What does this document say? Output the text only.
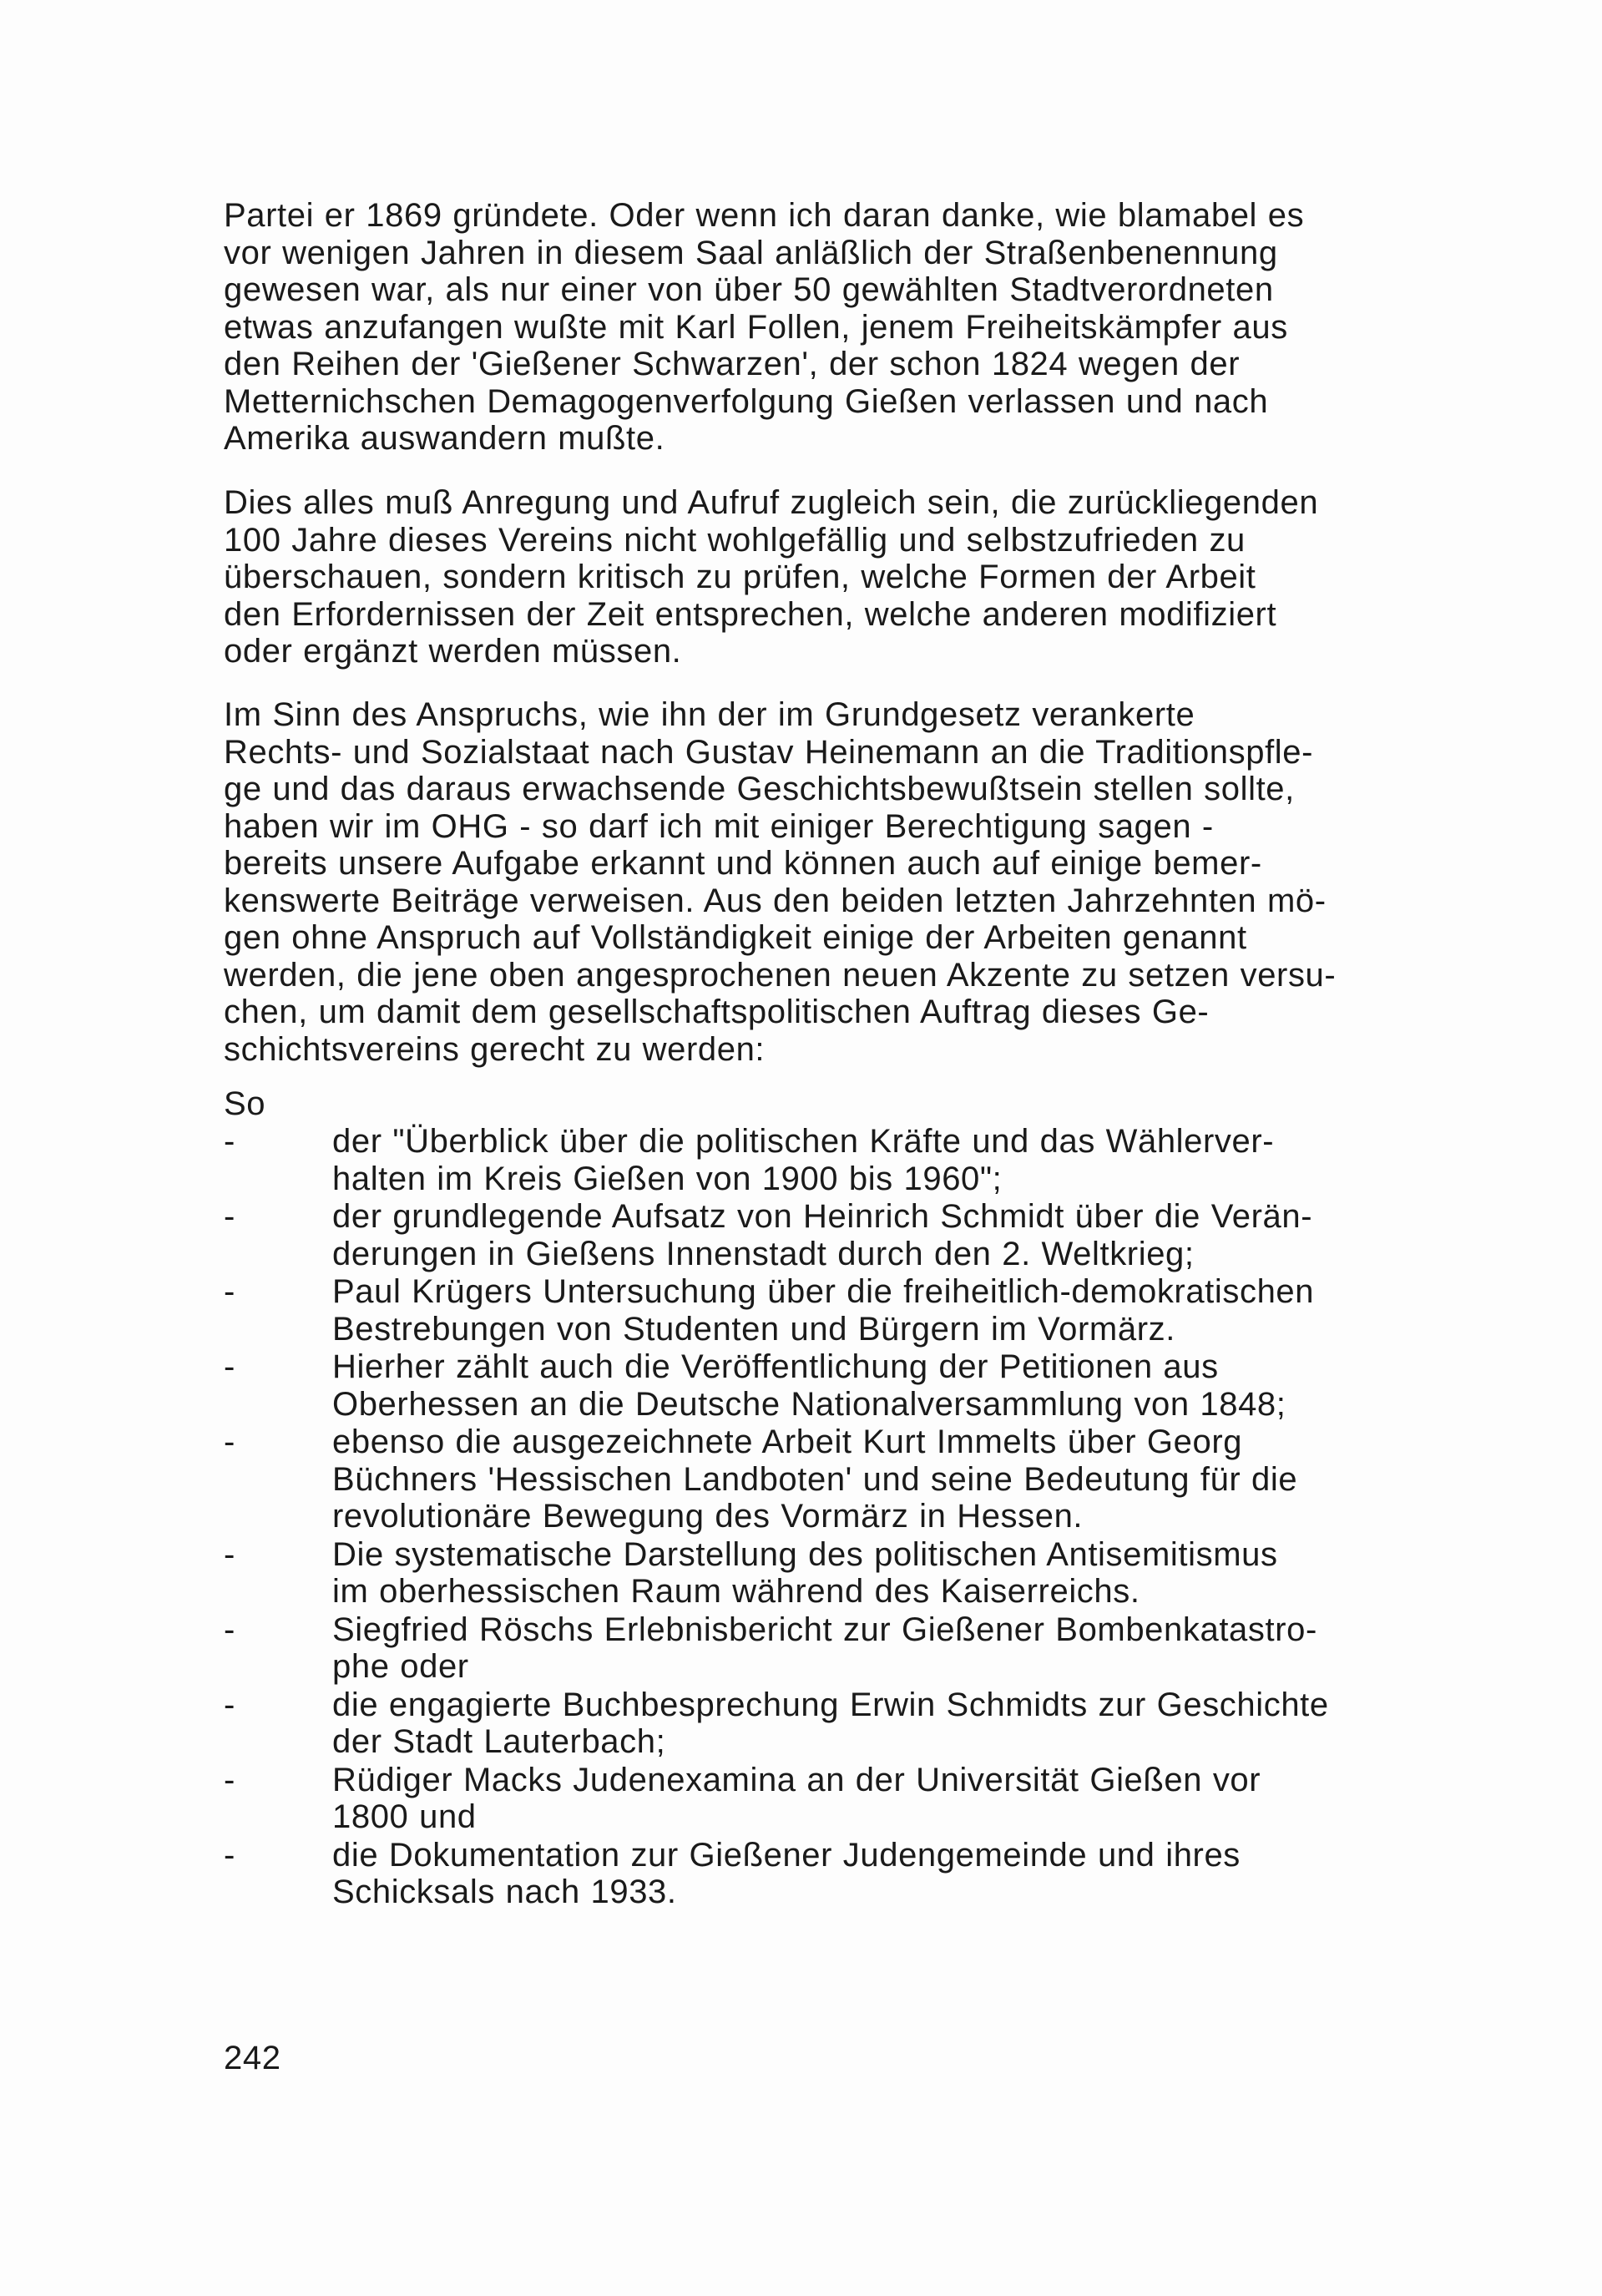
Partei er 1869 gründete. Oder wenn ich daran danke, wie blamabel es
vor wenigen Jahren in diesem Saal anläßlich der Straßenbenennung
gewesen war, als nur einer von über 50 gewählten Stadtverordneten
etwas anzufangen wußte mit Karl Follen, jenem Freiheitskämpfer aus
den Reihen der 'Gießener Schwarzen', der schon 1824 wegen der
Metternichschen Demagogenverfolgung Gießen verlassen und nach
Amerika auswandern mußte.

Dies alles muß Anregung und Aufruf zugleich sein, die zurückliegenden
100 Jahre dieses Vereins nicht wohlgefällig und selbstzufrieden zu
überschauen, sondern kritisch zu prüfen, welche Formen der Arbeit
den Erfordernissen der Zeit entsprechen, welche anderen modifiziert
oder ergänzt werden müssen.

Im Sinn des Anspruchs, wie ihn der im Grundgesetz verankerte
Rechts- und Sozialstaat nach Gustav Heinemann an die Traditionspfle-
ge und das daraus erwachsende Geschichtsbewußtsein stellen sollte,
haben wir im OHG - so darf ich mit einiger Berechtigung sagen -
bereits unsere Aufgabe erkannt und können auch auf einige bemer-
kenswerte Beiträge verweisen. Aus den beiden letzten Jahrzehnten mö-
gen ohne Anspruch auf Vollständigkeit einige der Arbeiten genannt
werden, die jene oben angesprochenen neuen Akzente zu setzen versu-
chen, um damit dem gesellschaftspolitischen Auftrag dieses Ge-
schichtsvereins gerecht zu werden:

So
-	der "Überblick über die politischen Kräfte und das Wählerver-
halten im Kreis Gießen von 1900 bis 1960";
-	der grundlegende Aufsatz von Heinrich Schmidt über die Verän-
derungen in Gießens Innenstadt durch den 2. Weltkrieg;
-	Paul Krügers Untersuchung über die freiheitlich-demokratischen
Bestrebungen von Studenten und Bürgern im Vormärz.
-	Hierher zählt auch die Veröffentlichung der Petitionen aus
Oberhessen an die Deutsche Nationalversammlung von 1848;
-	ebenso die ausgezeichnete Arbeit Kurt Immelts über Georg
Büchners 'Hessischen Landboten' und seine Bedeutung für die
revolutionäre Bewegung des Vormärz in Hessen.
-	Die systematische Darstellung des politischen Antisemitismus
im oberhessischen Raum während des Kaiserreichs.
-	Siegfried Röschs Erlebnisbericht zur Gießener Bombenkatastro-
phe oder
-	die engagierte Buchbesprechung Erwin Schmidts zur Geschichte
der Stadt Lauterbach;
-	Rüdiger Macks Judenexamina an der Universität Gießen vor
1800 und
-	die Dokumentation zur Gießener Judengemeinde und ihres
Schicksals nach 1933.
242
